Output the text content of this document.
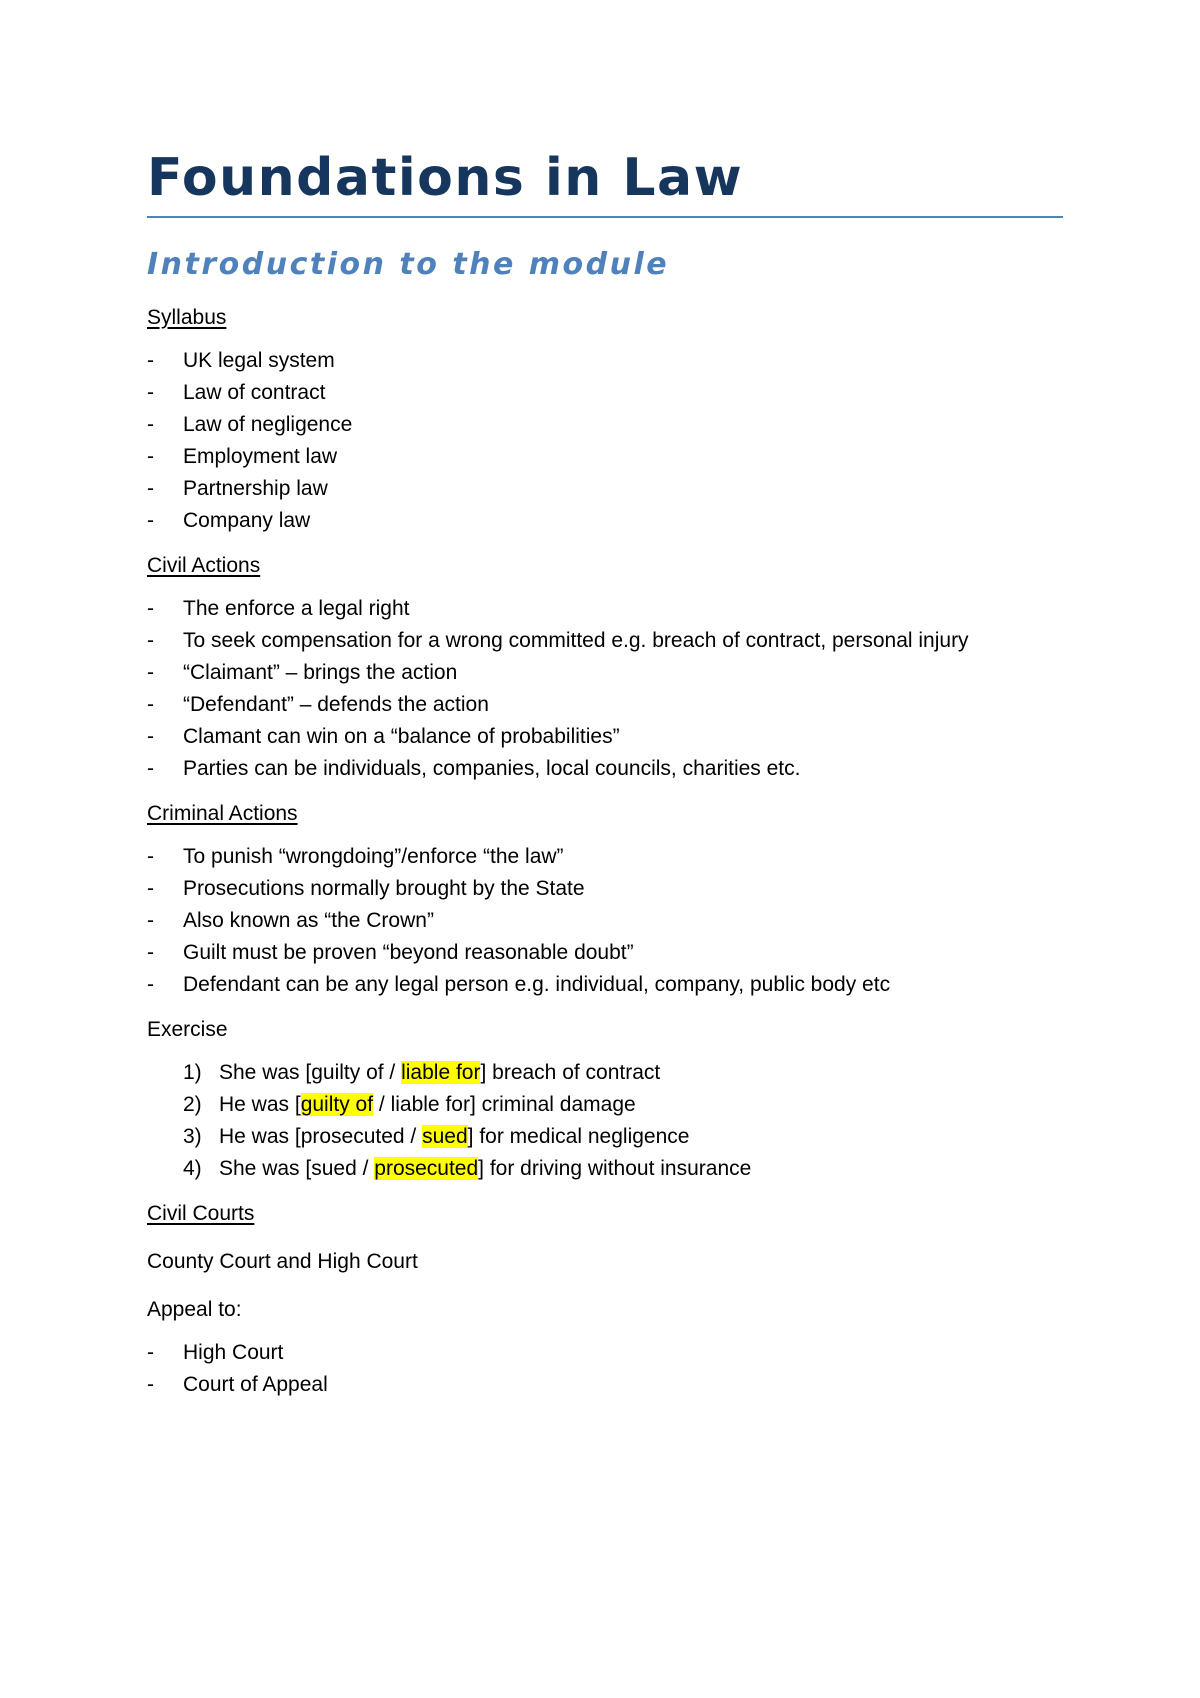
Foundations in Law
Introduction to the module

Syllabus

- UK legal system
- Law of contract
- Law of negligence
- Employment law
- Partnership law
- Company law

Civil Actions

- The enforce a legal right
- To seek compensation for a wrong committed e.g. breach of contract, personal injury
- “Claimant” – brings the action
- “Defendant” – defends the action
- Clamant can win on a “balance of probabilities”
- Parties can be individuals, companies, local councils, charities etc.

Criminal Actions

- To punish “wrongdoing”/enforce “the law”
- Prosecutions normally brought by the State
- Also known as “the Crown”
- Guilt must be proven “beyond reasonable doubt”
- Defendant can be any legal person e.g. individual, company, public body etc

Exercise

1) She was [guilty of / liable for] breach of contract
2) He was [guilty of / liable for] criminal damage
3) He was [prosecuted / sued] for medical negligence
4) She was [sued / prosecuted] for driving without insurance

Civil Courts

County Court and High Court

Appeal to:

- High Court
- Court of Appeal
